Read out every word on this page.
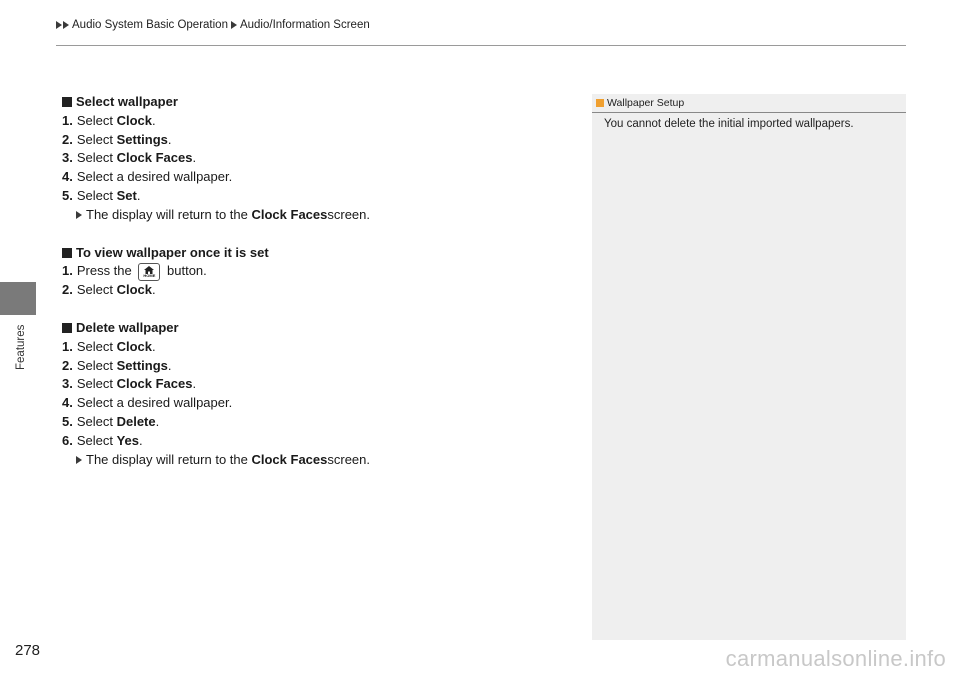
Audio System Basic Operation Audio/Information Screen
Features
Select wallpaper
1. Select Clock.
2. Select Settings.
3. Select Clock Faces.
4. Select a desired wallpaper.
5. Select Set.
The display will return to the
Clock Faces screen.
To view wallpaper once it is set
1. Press the	HOME button.
2. Select Clock.
Delete wallpaper
1. Select Clock.
2. Select Settings.
3. Select Clock Faces.
4. Select a desired wallpaper.
5. Select Delete.
6. Select Yes.
The display will return to the
Clock Faces screen.
Wallpaper Setup
You cannot delete the initial imported wallpapers.
278	carmanualsonline.info
